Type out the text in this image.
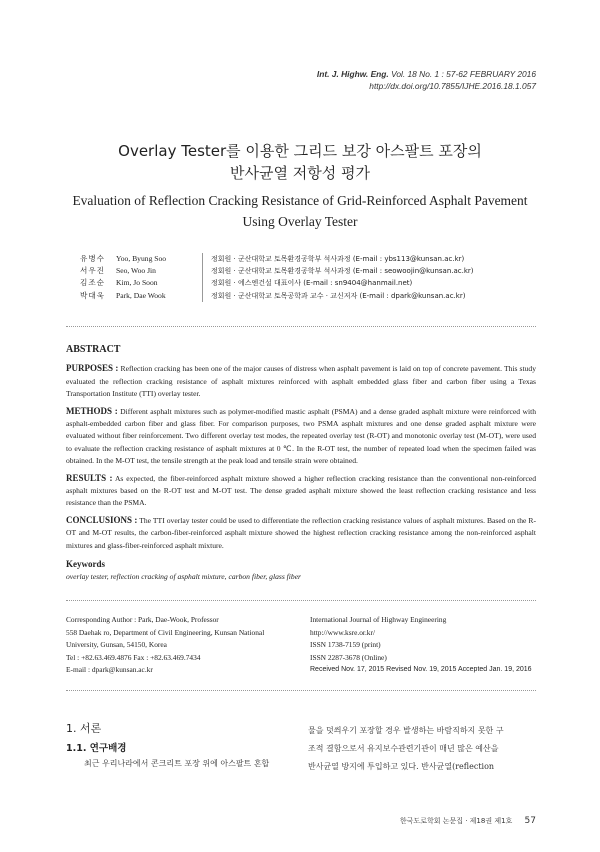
Int. J. Highw. Eng. Vol. 18 No. 1 : 57-62 FEBRUARY 2016
http://dx.doi.org/10.7855/IJHE.2016.18.1.057
Overlay Tester를 이용한 그리드 보강 아스팔트 포장의
반사균열 저항성 평가
Evaluation of Reflection Cracking Resistance of Grid-Reinforced Asphalt Pavement
Using Overlay Tester
유병수	Yoo, Byung Soo	정회원 · 군산대학교 토목환경공학부 석사과정 (E-mail : ybs113@kunsan.ac.kr)
서우진	Seo, Woo Jin	정회원 · 군산대학교 토목환경공학부 석사과정 (E-mail : seowoojin@kunsan.ac.kr)
김조순	Kim, Jo Soon	정회원 · 에스엔건설 대표이사 (E-mail : sn9404@hanmail.net)
박대욱	Park, Dae Wook	정회원 · 군산대학교 토목공학과 교수 · 교신저자 (E-mail : dpark@kunsan.ac.kr)
ABSTRACT

PURPOSES : Reflection cracking has been one of the major causes of distress when asphalt pavement is laid on top of concrete pavement. This study evaluated the reflection cracking resistance of asphalt mixtures reinforced with asphalt embedded glass fiber and carbon fiber using a Texas Transportation Institute (TTI) overlay tester.

METHODS : Different asphalt mixtures such as polymer-modified mastic asphalt (PSMA) and a dense graded asphalt mixture were reinforced with asphalt-embedded carbon fiber and glass fiber. For comparison purposes, two PSMA asphalt mixtures and one dense graded asphalt mixture were evaluated without fiber reinforcement. Two different overlay test modes, the repeated overlay test (R-OT) and monotonic overlay test (M-OT), were used to evaluate the reflection cracking resistance of asphalt mixtures at 0 ℃. In the R-OT test, the number of repeated load when the specimen failed was obtained. In the M-OT test, the tensile strength at the peak load and tensile strain were obtained.

RESULTS : As expected, the fiber-reinforced asphalt mixture showed a higher reflection cracking resistance than the conventional non-reinforced asphalt mixtures based on the R-OT test and M-OT test. The dense graded asphalt mixture showed the least reflection cracking resistance and less resistance than the PSMA.

CONCLUSIONS : The TTI overlay tester could be used to differentiate the reflection cracking resistance values of asphalt mixtures. Based on the R-OT and M-OT results, the carbon-fiber-reinforced asphalt mixture showed the highest reflection cracking resistance among the non-reinforced asphalt mixtures and glass-fiber-reinforced asphalt mixture.

Keywords
overlay tester, reflection cracking of asphalt mixture, carbon fiber, glass fiber
Corresponding Author : Park, Dae-Wook, Professor
558 Daehak ro, Department of Civil Engineering, Kunsan National
University, Gunsan, 54150, Korea
Tel : +82.63.469.4876 Fax : +82.63.469.7434
E-mail : dpark@kunsan.ac.kr
International Journal of Highway Engineering
http://www.ksre.or.kr/
ISSN 1738-7159 (print)
ISSN 2287-3678 (Online)
Received Nov. 17, 2015 Revised Nov. 19, 2015 Accepted Jan. 19, 2016
1. 서론
1.1. 연구배경
최근 우리나라에서 콘크리트 포장 위에 아스팔트 혼합
물을 덧씌우기 포장할 경우 발생하는 바람직하지 못한 구
조적 결함으로서 유지보수관련기관이 매년 많은 예산을
반사균열 방지에 투입하고 있다. 반사균열(reflection
한국도로학회 논문집 · 제18권 제1호 57
